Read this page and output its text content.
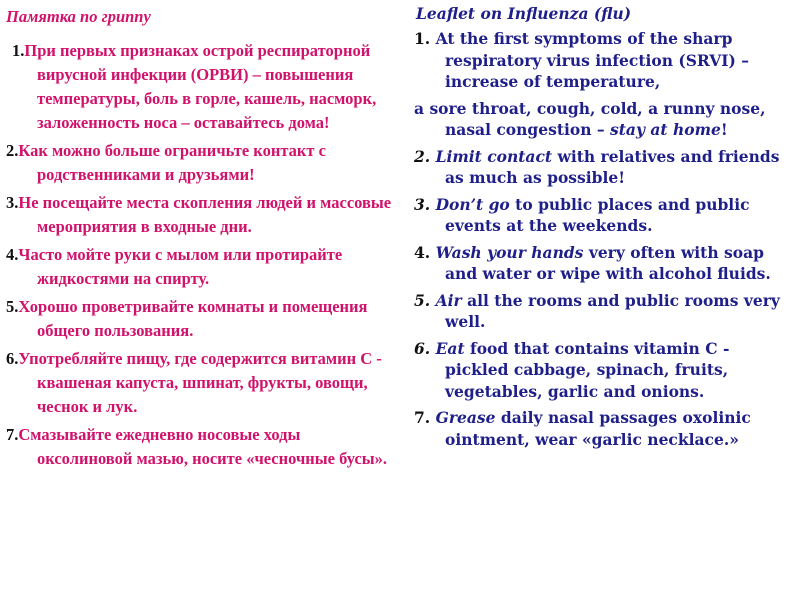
Памятка по гриппу
1.При первых признаках острой респираторной вирусной инфекции (ОРВИ) – повышения температуры, боль в горле, кашель, насморк, заложенность носа – оставайтесь дома!
2.Как можно больше ограничьте контакт с родственниками и друзьями!
3.Не посещайте места скопления людей и массовые мероприятия в входные дни.
4.Часто мойте руки с мылом или протирайте жидкостями на спирту.
5.Хорошо проветривайте комнаты и помещения общего пользования.
6.Употребляйте пищу, где содержится витамин С - квашеная капуста, шпинат, фрукты, овощи, чеснок и лук.
7.Смазывайте ежедневно носовые ходы оксолиновой мазью, носите «чесночные бусы».
Leaflet on Influenza (flu)
1. At the first symptoms of the sharp respiratory virus infection (SRVI) – increase of temperature,
a sore throat, cough, cold, a runny nose, nasal congestion – stay at home!
2. Limit contact with relatives and friends as much as possible!
3. Don’t go to public places and public events at the weekends.
4. Wash your hands very often with soap and water or wipe with alcohol fluids.
5. Air all the rooms and public rooms very well.
6. Eat food that contains vitamin C - pickled cabbage, spinach, fruits, vegetables, garlic and onions.
7. Grease daily nasal passages oxolinic ointment, wear «garlic necklace.»
